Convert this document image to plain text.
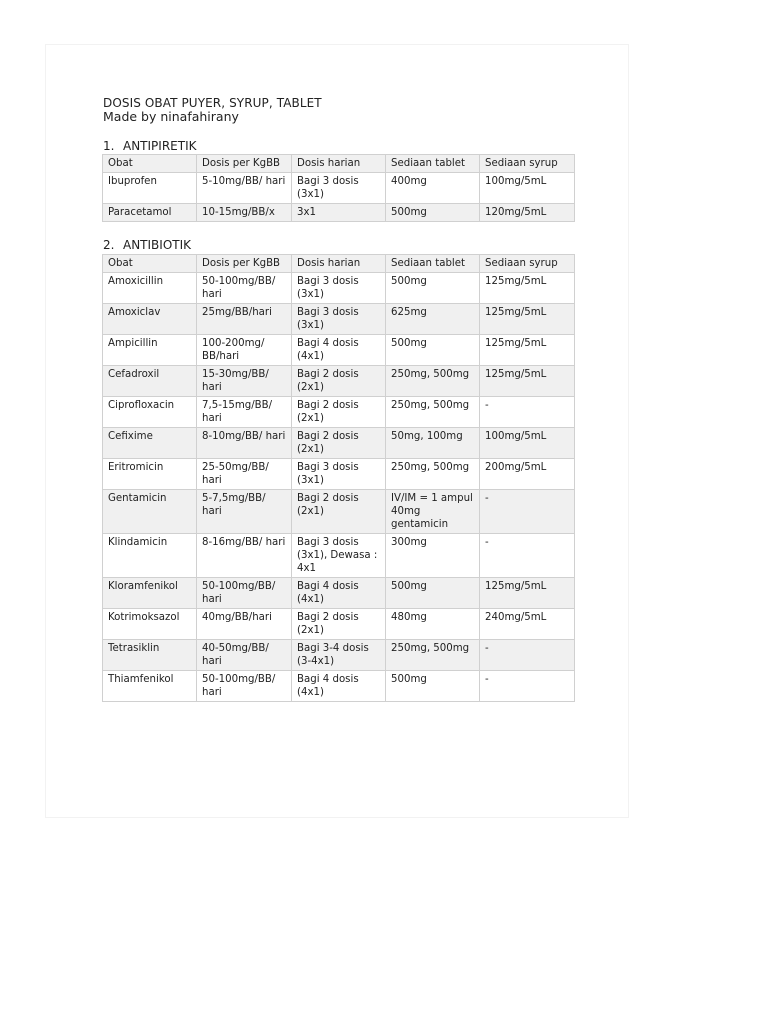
DOSIS OBAT PUYER, SYRUP, TABLET
Made by ninafahirany
1. ANTIPIRETIK
Obat	Dosis per KgBB	Dosis harian	Sediaan tablet	Sediaan syrup
Ibuprofen	5-10mg/BB/ hari	Bagi 3 dosis (3x1)	400mg	100mg/5mL
Paracetamol	10-15mg/BB/x	3x1	500mg	120mg/5mL
2. ANTIBIOTIK
Obat	Dosis per KgBB	Dosis harian	Sediaan tablet	Sediaan syrup
Amoxicillin	50-100mg/BB/ hari	Bagi 3 dosis (3x1)	500mg	125mg/5mL
Amoxiclav	25mg/BB/hari	Bagi 3 dosis (3x1)	625mg	125mg/5mL
Ampicillin	100-200mg/ BB/hari	Bagi 4 dosis (4x1)	500mg	125mg/5mL
Cefadroxil	15-30mg/BB/ hari	Bagi 2 dosis (2x1)	250mg, 500mg	125mg/5mL
Ciprofloxacin	7,5-15mg/BB/ hari	Bagi 2 dosis (2x1)	250mg, 500mg	-
Cefixime	8-10mg/BB/ hari	Bagi 2 dosis (2x1)	50mg, 100mg	100mg/5mL
Eritromicin	25-50mg/BB/ hari	Bagi 3 dosis (3x1)	250mg, 500mg	200mg/5mL
Gentamicin	5-7,5mg/BB/ hari	Bagi 2 dosis (2x1)	IV/IM = 1 ampul 40mg gentamicin	-
Klindamicin	8-16mg/BB/ hari	Bagi 3 dosis (3x1), Dewasa : 4x1	300mg	-
Kloramfenikol	50-100mg/BB/ hari	Bagi 4 dosis (4x1)	500mg	125mg/5mL
Kotrimoksazol	40mg/BB/hari	Bagi 2 dosis (2x1)	480mg	240mg/5mL
Tetrasiklin	40-50mg/BB/ hari	Bagi 3-4 dosis (3-4x1)	250mg, 500mg	-
Thiamfenikol	50-100mg/BB/ hari	Bagi 4 dosis (4x1)	500mg	-
